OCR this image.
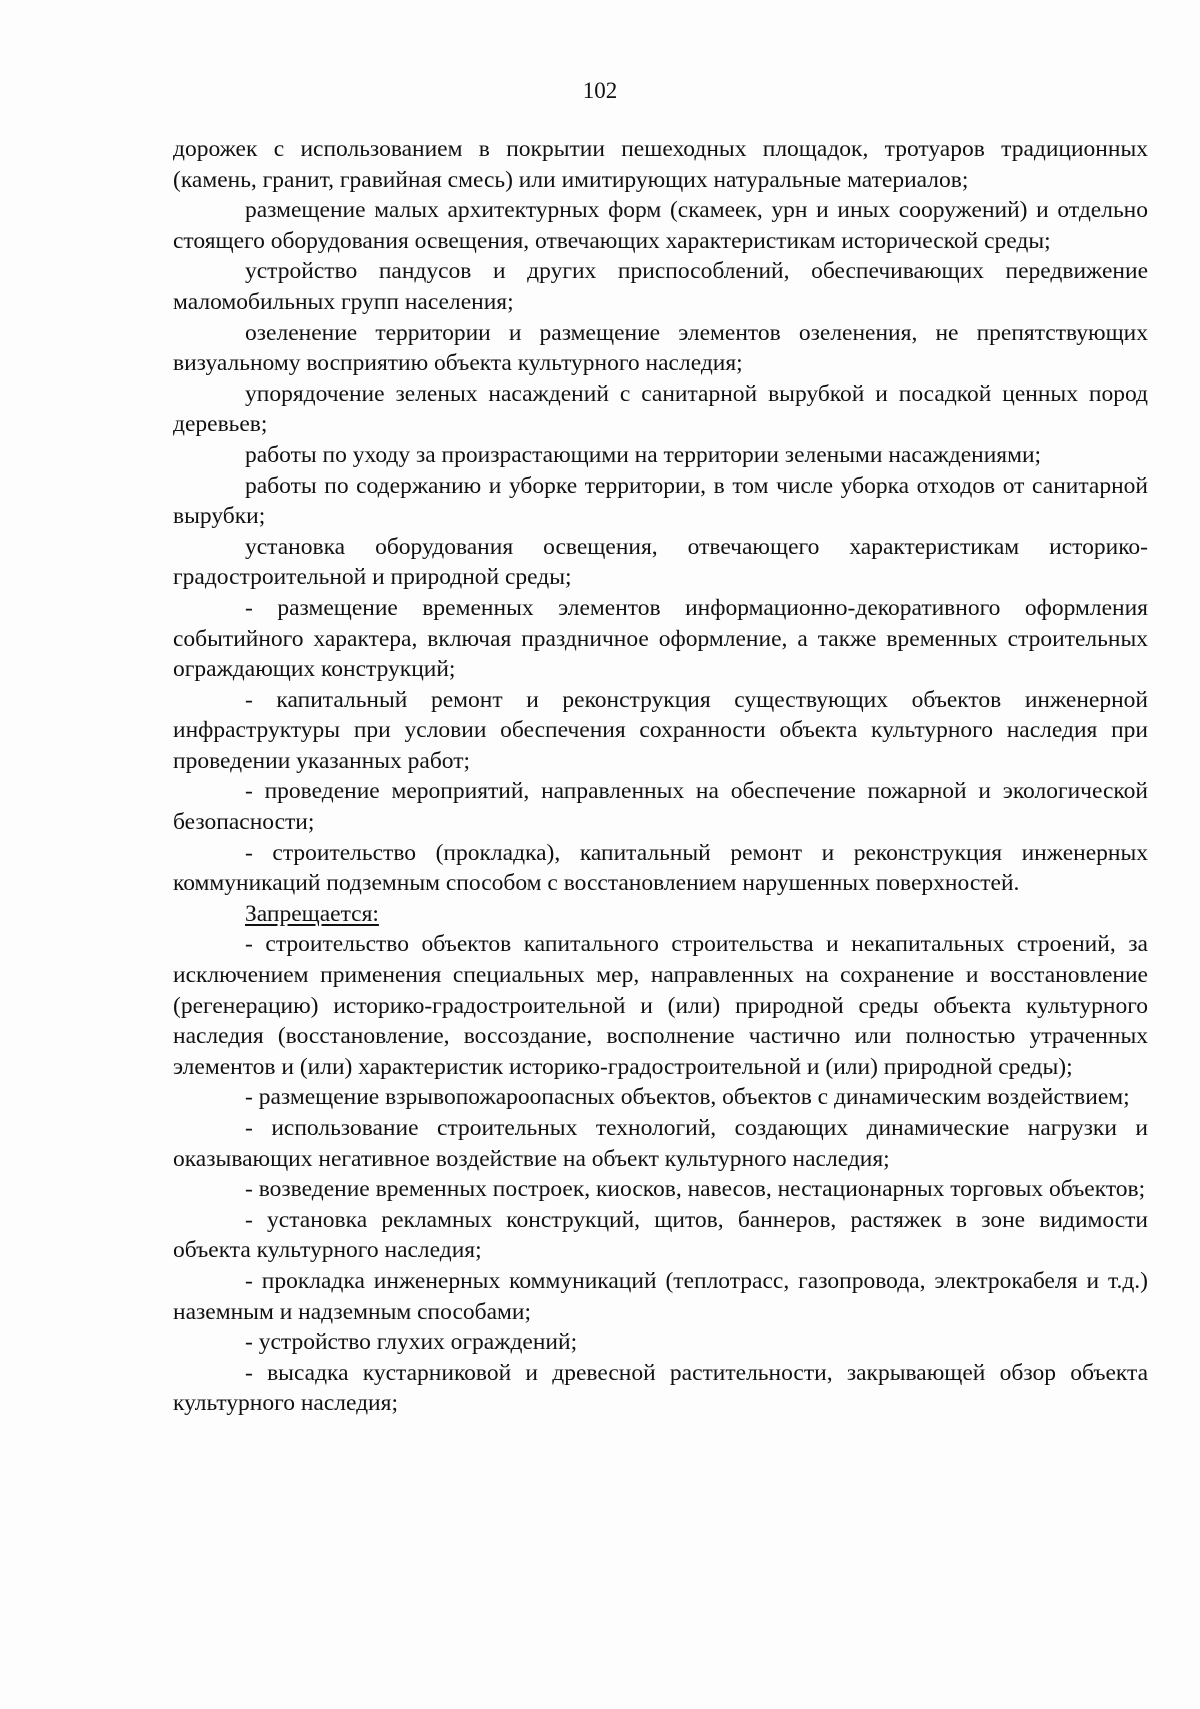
102

дорожек с использованием в покрытии пешеходных площадок, тротуаров традиционных (камень, гранит, гравийная смесь) или имитирующих натуральные материалов;

размещение малых архитектурных форм (скамеек, урн и иных сооружений) и отдельно стоящего оборудования освещения, отвечающих характеристикам исторической среды;

устройство пандусов и других приспособлений, обеспечивающих передвижение маломобильных групп населения;

озеленение территории и размещение элементов озеленения, не препятствующих визуальному восприятию объекта культурного наследия;

упорядочение зеленых насаждений с санитарной вырубкой и посадкой ценных пород деревьев;

работы по уходу за произрастающими на территории зелеными насаждениями;

работы по содержанию и уборке территории, в том числе уборка отходов от санитарной вырубки;

установка оборудования освещения, отвечающего характеристикам историко-градостроительной и природной среды;

- размещение временных элементов информационно-декоративного оформления событийного характера, включая праздничное оформление, а также временных строительных ограждающих конструкций;

- капитальный ремонт и реконструкция существующих объектов инженерной инфраструктуры при условии обеспечения сохранности объекта культурного наследия при проведении указанных работ;

- проведение мероприятий, направленных на обеспечение пожарной и экологической безопасности;

- строительство (прокладка), капитальный ремонт и реконструкция инженерных коммуникаций подземным способом с восстановлением нарушенных поверхностей.

Запрещается:

- строительство объектов капитального строительства и некапитальных строений, за исключением применения специальных мер, направленных на сохранение и восстановление (регенерацию) историко-градостроительной и (или) природной среды объекта культурного наследия (восстановление, воссоздание, восполнение частично или полностью утраченных элементов и (или) характеристик историко-градостроительной и (или) природной среды);

- размещение взрывопожароопасных объектов, объектов с динамическим воздействием;

- использование строительных технологий, создающих динамические нагрузки и оказывающих негативное воздействие на объект культурного наследия;

- возведение временных построек, киосков, навесов, нестационарных торговых объектов;

- установка рекламных конструкций, щитов, баннеров, растяжек в зоне видимости объекта культурного наследия;

- прокладка инженерных коммуникаций (теплотрасс, газопровода, электрокабеля и т.д.) наземным и надземным способами;

- устройство глухих ограждений;

- высадка кустарниковой и древесной растительности, закрывающей обзор объекта культурного наследия;
